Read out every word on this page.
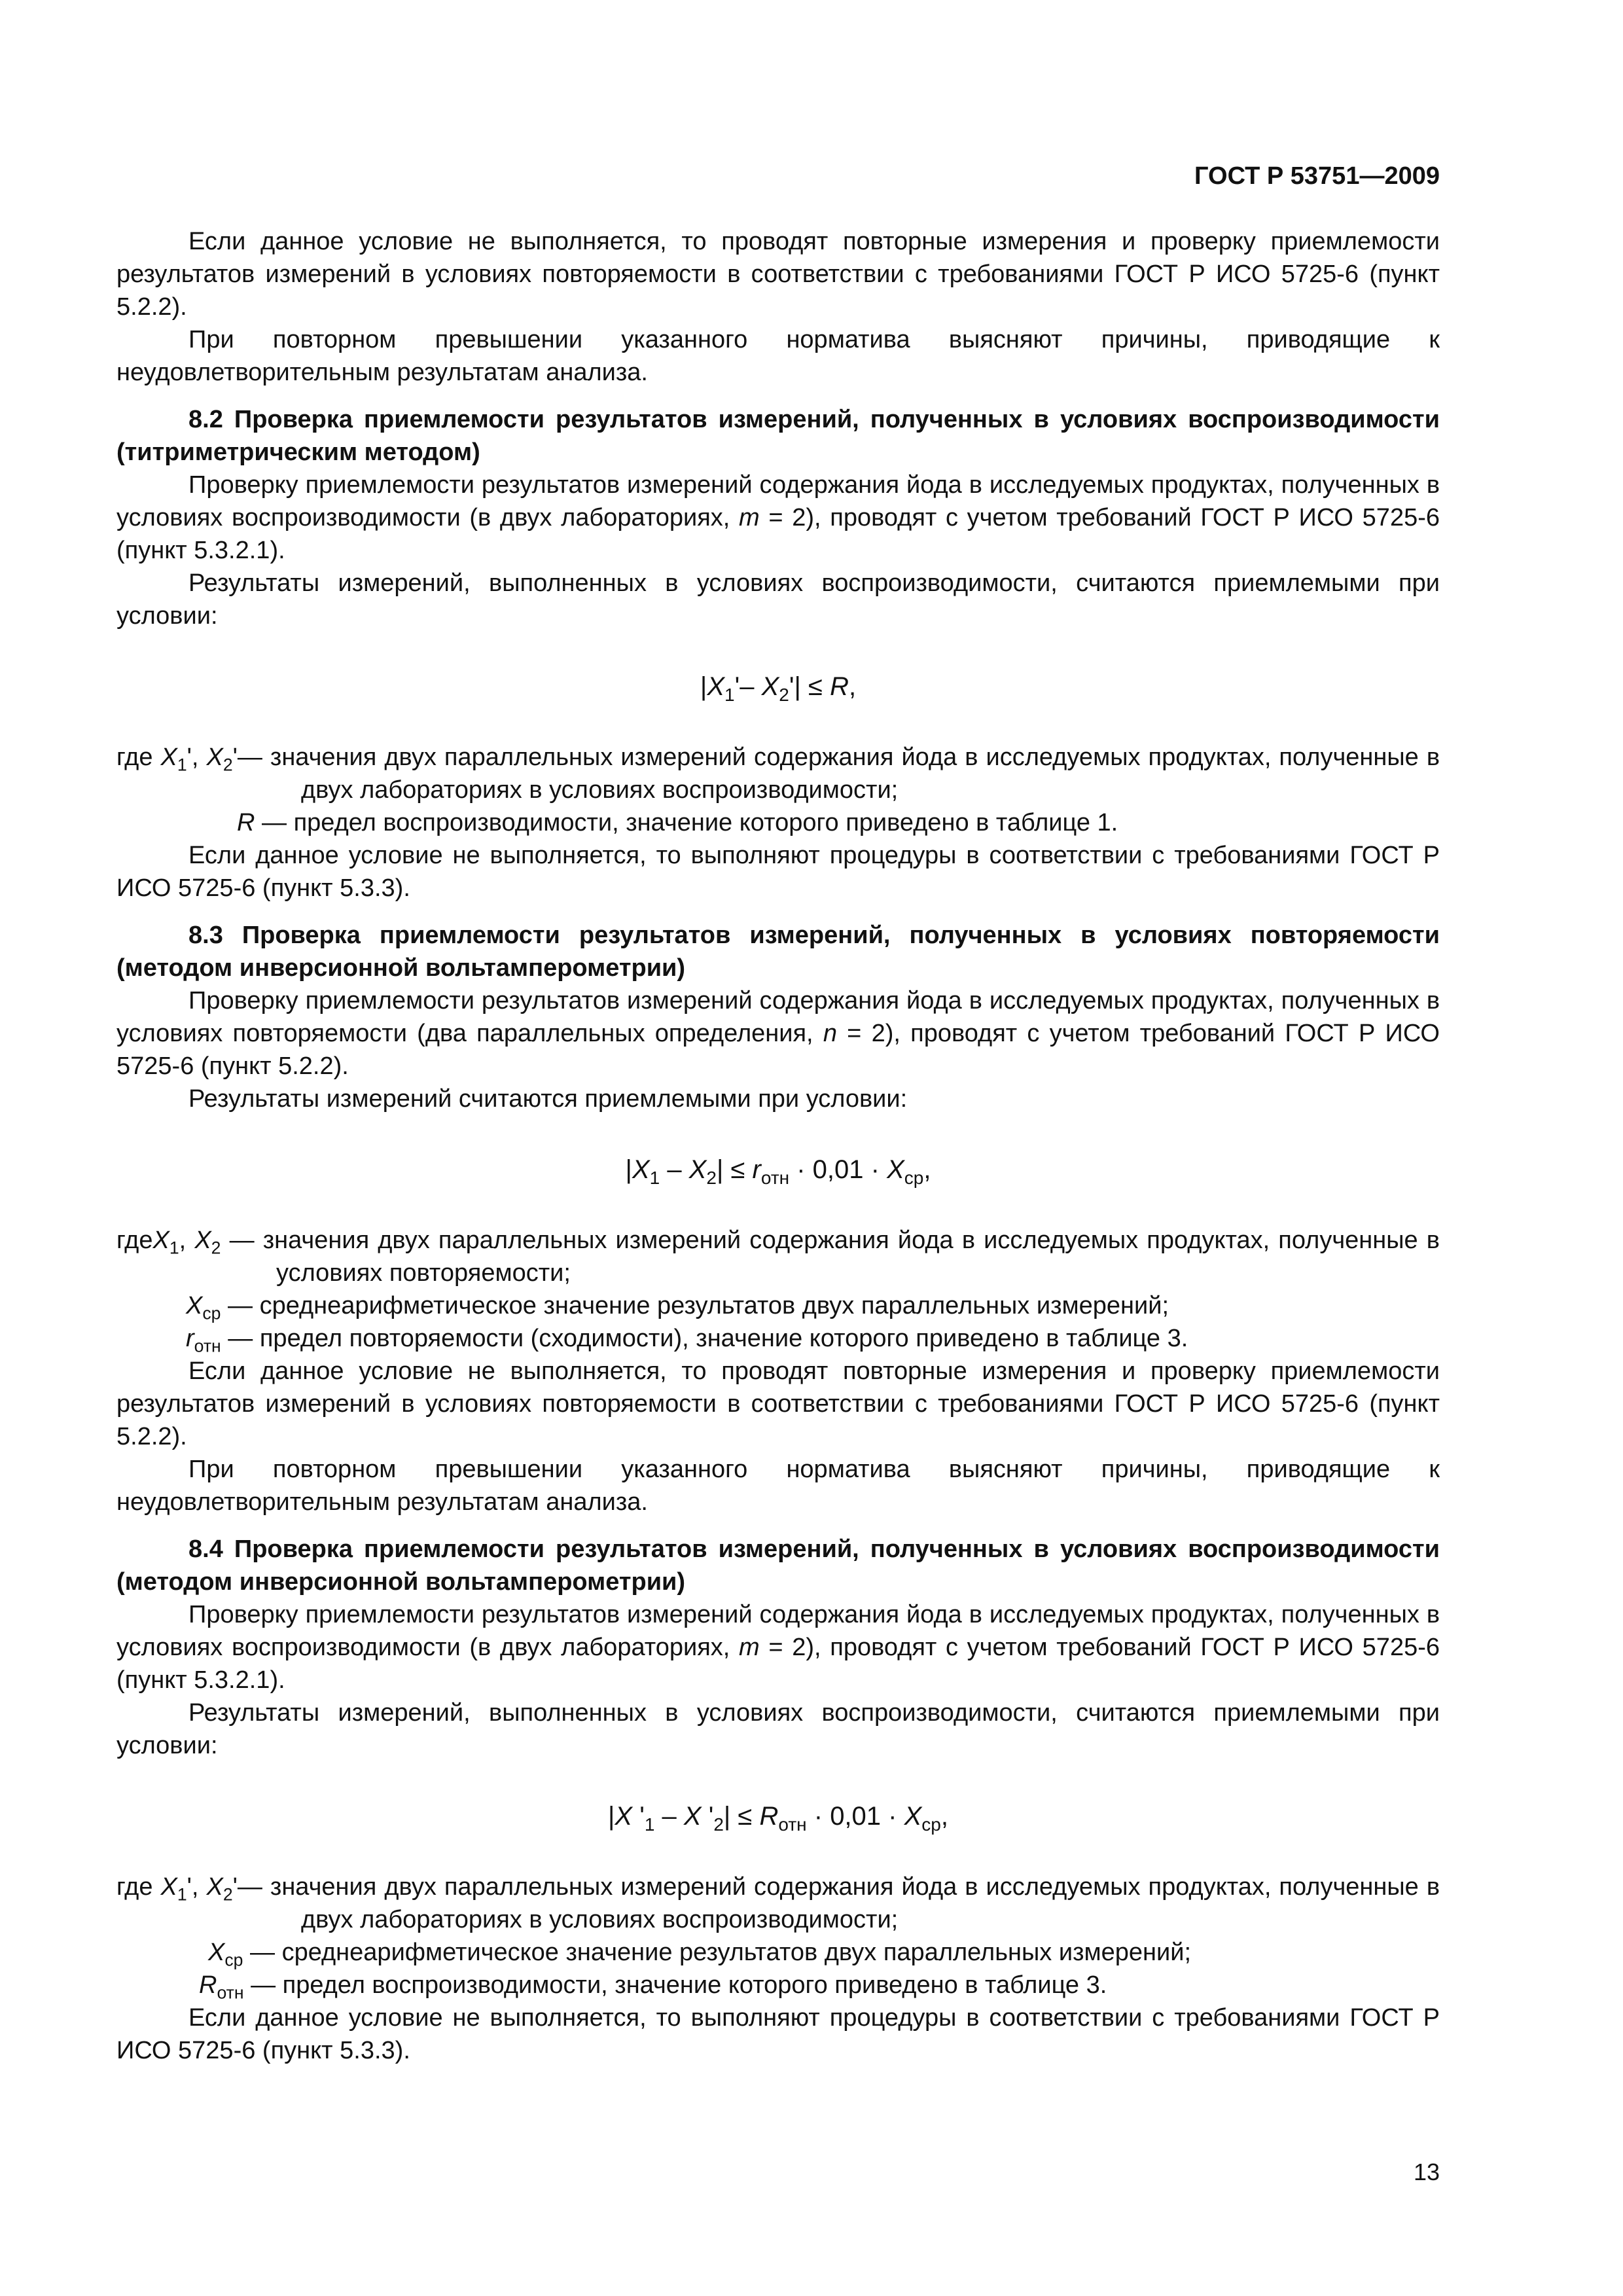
ГОСТ Р 53751—2009

Если данное условие не выполняется, то проводят повторные измерения и проверку приемлемости результатов измерений в условиях повторяемости в соответствии с требованиями ГОСТ Р ИСО 5725-6 (пункт 5.2.2).

При повторном превышении указанного норматива выясняют причины, приводящие к неудовлетворительным результатам анализа.

8.2 Проверка приемлемости результатов измерений, полученных в условиях воспроизводимости (титриметрическим методом)

Проверку приемлемости результатов измерений содержания йода в исследуемых продуктах, полученных в условиях воспроизводимости (в двух лабораториях, m = 2), проводят с учетом требований ГОСТ Р ИСО 5725-6 (пункт 5.3.2.1).

Результаты измерений, выполненных в условиях воспроизводимости, считаются приемлемыми при условии:

$|X_1'-$ $X_2'| \le R$,

где $X_1'$, $X_2'—$ значения двух параллельных измерений содержания йода в исследуемых продуктах, полученные в двух лабораториях в условиях воспроизводимости;

R — предел воспроизводимости, значение которого приведено в таблице 1.

Если данное условие не выполняется, то выполняют процедуры в соответствии с требованиями ГОСТ Р ИСО 5725-6 (пункт 5.3.3).

8.3 Проверка приемлемости результатов измерений, полученных в условиях повторяемости (методом инверсионной вольтамперометрии)

Проверку приемлемости результатов измерений содержания йода в исследуемых продуктах, полученных в условиях повторяемости (два параллельных определения, n = 2), проводят с учетом требований ГОСТ Р ИСО 5725-6 (пункт 5.2.2).

Результаты измерений считаются приемлемыми при условии:

$|X_1 - X_2| \le r_{отн} \cdot 0,01 \cdot X_{ср}$,

гдеX$_1$, $X_2$ — значения двух параллельных измерений содержания йода в исследуемых продуктах, полученные в условиях повторяемости;

$X_{ср}$ — среднеарифметическое значение результатов двух параллельных измерений;

$r_{отн}$ — предел повторяемости (сходимости), значение которого приведено в таблице 3.

Если данное условие не выполняется, то проводят повторные измерения и проверку приемлемости результатов измерений в условиях повторяемости в соответствии с требованиями ГОСТ Р ИСО 5725-6 (пункт 5.2.2).

При повторном превышении указанного норматива выясняют причины, приводящие к неудовлетворительным результатам анализа.

8.4 Проверка приемлемости результатов измерений, полученных в условиях воспроизводимости (методом инверсионной вольтамперометрии)

Проверку приемлемости результатов измерений содержания йода в исследуемых продуктах, полученных в условиях воспроизводимости (в двух лабораториях, m = 2), проводят с учетом требований ГОСТ Р ИСО 5725-6 (пункт 5.3.2.1).

Результаты измерений, выполненных в условиях воспроизводимости, считаются приемлемыми при условии:

|X '$_1$ – X '$_2| \le R_{отн} \cdot 0,01 \cdot X_{ср}$,

где $X_1'$, $X_2'—$ значения двух параллельных измерений содержания йода в исследуемых продуктах, полученные в двух лабораториях в условиях воспроизводимости;

$X_{ср}$ — среднеарифметическое значение результатов двух параллельных измерений;

$R_{отн}$ — предел воспроизводимости, значение которого приведено в таблице 3.

Если данное условие не выполняется, то выполняют процедуры в соответствии с требованиями ГОСТ Р ИСО 5725-6 (пункт 5.3.3).

13
